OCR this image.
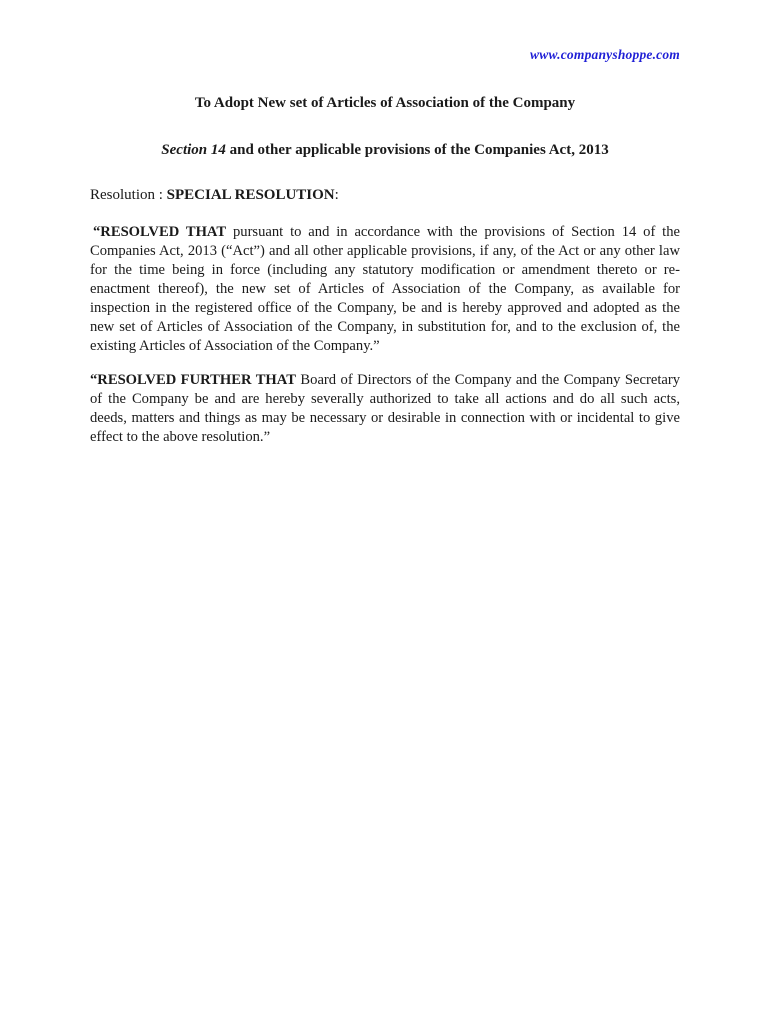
www.companyshoppe.com

To Adopt New set of Articles of Association of the Company

Section 14 and other applicable provisions of the Companies Act, 2013

Resolution : SPECIAL RESOLUTION:

“RESOLVED THAT pursuant to and in accordance with the provisions of Section 14 of the Companies Act, 2013 (“Act”) and all other applicable provisions, if any, of the Act or any other law for the time being in force (including any statutory modification or amendment thereto or re-enactment thereof), the new set of Articles of Association of the Company, as available for inspection in the registered office of the Company, be and is hereby approved and adopted as the new set of Articles of Association of the Company, in substitution for, and to the exclusion of, the existing Articles of Association of the Company.”

“RESOLVED FURTHER THAT Board of Directors of the Company and the Company Secretary of the Company be and are hereby severally authorized to take all actions and do all such acts, deeds, matters and things as may be necessary or desirable in connection with or incidental to give effect to the above resolution.”
